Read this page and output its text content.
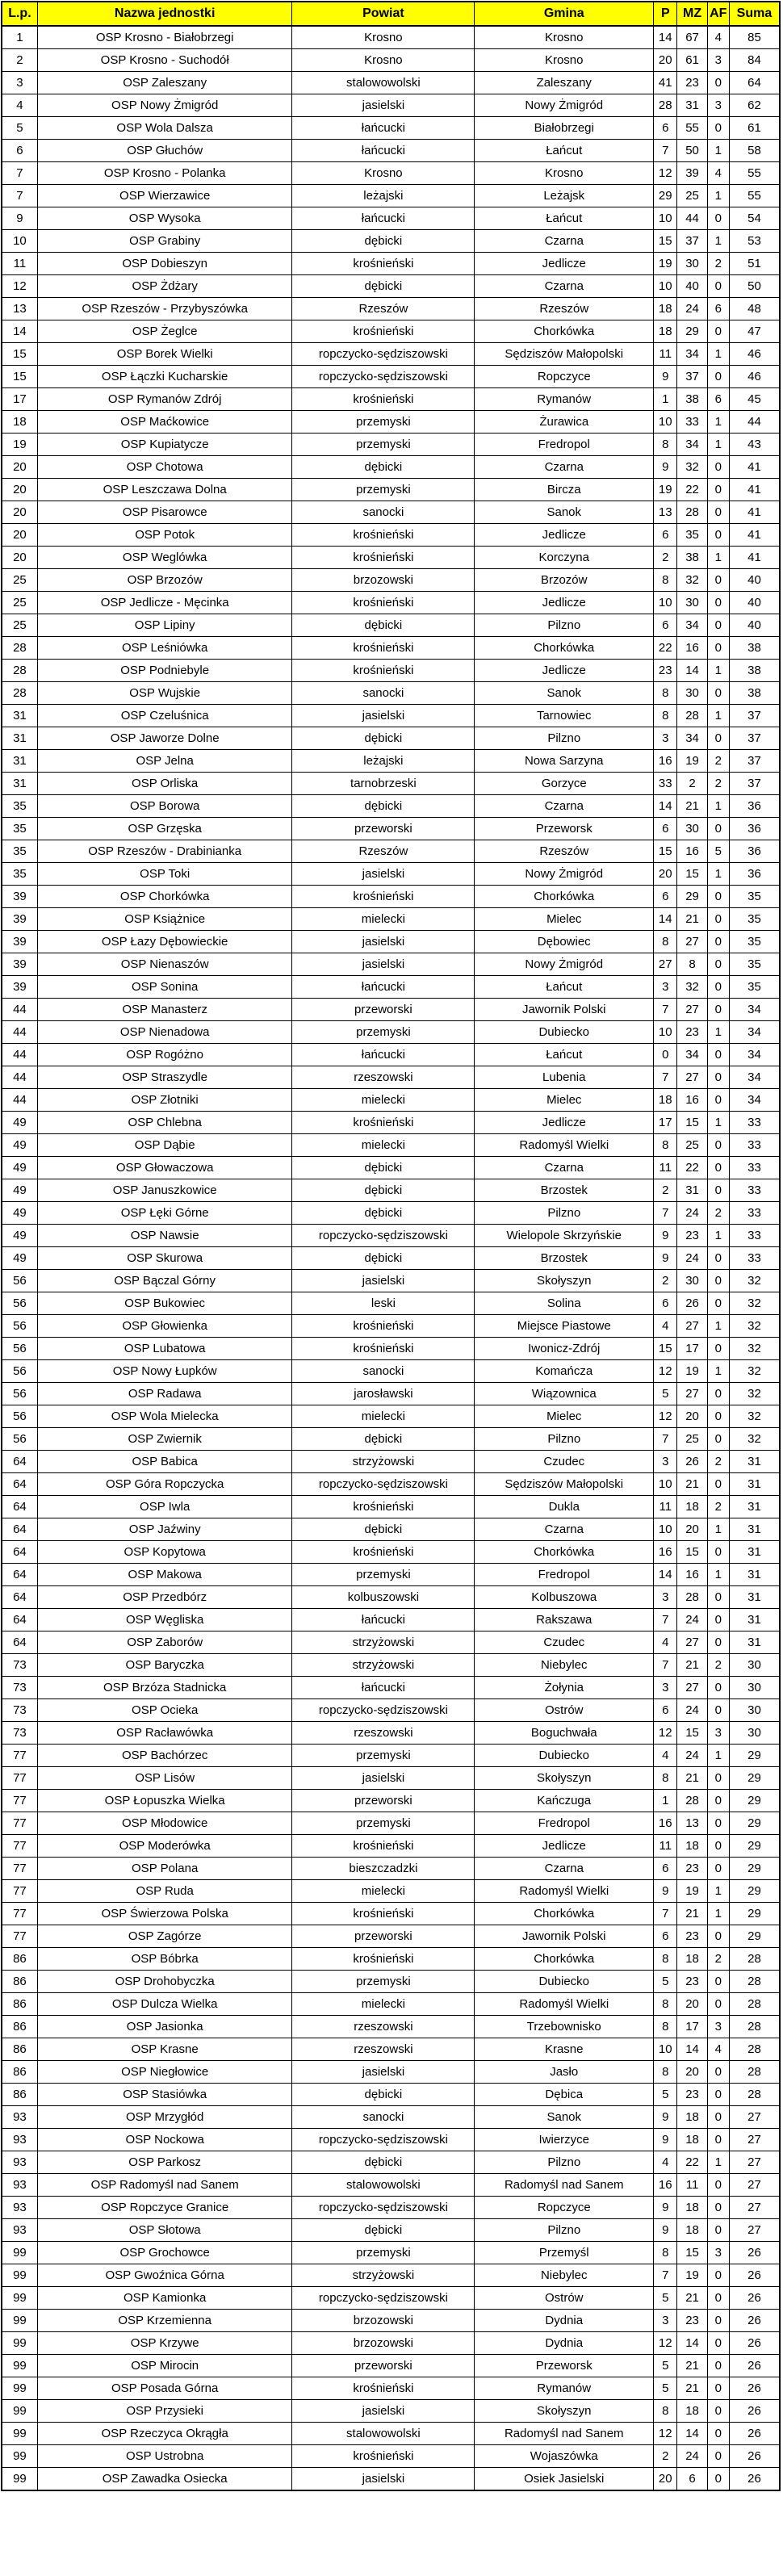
L.p.	Nazwa jednostki	Powiat	Gmina	P	MZ	AF	Suma
1	OSP Krosno - Białobrzegi	Krosno	Krosno	14	67	4	85
2	OSP Krosno - Suchodół	Krosno	Krosno	20	61	3	84
3	OSP Zaleszany	stalowowolski	Zaleszany	41	23	0	64
4	OSP Nowy Żmigród	jasielski	Nowy Żmigród	28	31	3	62
5	OSP Wola Dalsza	łańcucki	Białobrzegi	6	55	0	61
6	OSP Głuchów	łańcucki	Łańcut	7	50	1	58
7	OSP Krosno - Polanka	Krosno	Krosno	12	39	4	55
7	OSP Wierzawice	leżajski	Leżajsk	29	25	1	55
9	OSP Wysoka	łańcucki	Łańcut	10	44	0	54
10	OSP Grabiny	dębicki	Czarna	15	37	1	53
11	OSP Dobieszyn	krośnieński	Jedlicze	19	30	2	51
12	OSP Żdżary	dębicki	Czarna	10	40	0	50
13	OSP Rzeszów - Przybyszówka	Rzeszów	Rzeszów	18	24	6	48
14	OSP Żeglce	krośnieński	Chorkówka	18	29	0	47
15	OSP Borek Wielki	ropczycko-sędziszowski	Sędziszów Małopolski	11	34	1	46
15	OSP Łączki Kucharskie	ropczycko-sędziszowski	Ropczyce	9	37	0	46
17	OSP Rymanów Zdrój	krośnieński	Rymanów	1	38	6	45
18	OSP Maćkowice	przemyski	Żurawica	10	33	1	44
19	OSP Kupiatycze	przemyski	Fredropol	8	34	1	43
20	OSP Chotowa	dębicki	Czarna	9	32	0	41
20	OSP Leszczawa Dolna	przemyski	Bircza	19	22	0	41
20	OSP Pisarowce	sanocki	Sanok	13	28	0	41
20	OSP Potok	krośnieński	Jedlicze	6	35	0	41
20	OSP Weglówka	krośnieński	Korczyna	2	38	1	41
25	OSP Brzozów	brzozowski	Brzozów	8	32	0	40
25	OSP Jedlicze - Męcinka	krośnieński	Jedlicze	10	30	0	40
25	OSP Lipiny	dębicki	Pilzno	6	34	0	40
28	OSP Leśniówka	krośnieński	Chorkówka	22	16	0	38
28	OSP Podniebyle	krośnieński	Jedlicze	23	14	1	38
28	OSP Wujskie	sanocki	Sanok	8	30	0	38
31	OSP Czeluśnica	jasielski	Tarnowiec	8	28	1	37
31	OSP Jaworze Dolne	dębicki	Pilzno	3	34	0	37
31	OSP Jelna	leżajski	Nowa Sarzyna	16	19	2	37
31	OSP Orliska	tarnobrzeski	Gorzyce	33	2	2	37
35	OSP Borowa	dębicki	Czarna	14	21	1	36
35	OSP Grzęska	przeworski	Przeworsk	6	30	0	36
35	OSP Rzeszów - Drabinianka	Rzeszów	Rzeszów	15	16	5	36
35	OSP Toki	jasielski	Nowy Żmigród	20	15	1	36
39	OSP Chorkówka	krośnieński	Chorkówka	6	29	0	35
39	OSP Książnice	mielecki	Mielec	14	21	0	35
39	OSP Łazy Dębowieckie	jasielski	Dębowiec	8	27	0	35
39	OSP Nienaszów	jasielski	Nowy Żmigród	27	8	0	35
39	OSP Sonina	łańcucki	Łańcut	3	32	0	35
44	OSP Manasterz	przeworski	Jawornik Polski	7	27	0	34
44	OSP Nienadowa	przemyski	Dubiecko	10	23	1	34
44	OSP Rogóżno	łańcucki	Łańcut	0	34	0	34
44	OSP Straszydle	rzeszowski	Lubenia	7	27	0	34
44	OSP Złotniki	mielecki	Mielec	18	16	0	34
49	OSP Chlebna	krośnieński	Jedlicze	17	15	1	33
49	OSP Dąbie	mielecki	Radomyśl Wielki	8	25	0	33
49	OSP Głowaczowa	dębicki	Czarna	11	22	0	33
49	OSP Januszkowice	dębicki	Brzostek	2	31	0	33
49	OSP Łęki Górne	dębicki	Pilzno	7	24	2	33
49	OSP Nawsie	ropczycko-sędziszowski	Wielopole Skrzyńskie	9	23	1	33
49	OSP Skurowa	dębicki	Brzostek	9	24	0	33
56	OSP Bączal Górny	jasielski	Skołyszyn	2	30	0	32
56	OSP Bukowiec	leski	Solina	6	26	0	32
56	OSP Głowienka	krośnieński	Miejsce Piastowe	4	27	1	32
56	OSP Lubatowa	krośnieński	Iwonicz-Zdrój	15	17	0	32
56	OSP Nowy Łupków	sanocki	Komańcza	12	19	1	32
56	OSP Radawa	jarosławski	Wiązownica	5	27	0	32
56	OSP Wola Mielecka	mielecki	Mielec	12	20	0	32
56	OSP Zwiernik	dębicki	Pilzno	7	25	0	32
64	OSP Babica	strzyżowski	Czudec	3	26	2	31
64	OSP Góra Ropczycka	ropczycko-sędziszowski	Sędziszów Małopolski	10	21	0	31
64	OSP Iwla	krośnieński	Dukla	11	18	2	31
64	OSP Jaźwiny	dębicki	Czarna	10	20	1	31
64	OSP Kopytowa	krośnieński	Chorkówka	16	15	0	31
64	OSP Makowa	przemyski	Fredropol	14	16	1	31
64	OSP Przedbórz	kolbuszowski	Kolbuszowa	3	28	0	31
64	OSP Węgliska	łańcucki	Rakszawa	7	24	0	31
64	OSP Zaborów	strzyżowski	Czudec	4	27	0	31
73	OSP Baryczka	strzyżowski	Niebylec	7	21	2	30
73	OSP Brzóza Stadnicka	łańcucki	Żołynia	3	27	0	30
73	OSP Ocieka	ropczycko-sędziszowski	Ostrów	6	24	0	30
73	OSP Racławówka	rzeszowski	Boguchwała	12	15	3	30
77	OSP Bachórzec	przemyski	Dubiecko	4	24	1	29
77	OSP Lisów	jasielski	Skołyszyn	8	21	0	29
77	OSP Łopuszka Wielka	przeworski	Kańczuga	1	28	0	29
77	OSP Młodowice	przemyski	Fredropol	16	13	0	29
77	OSP Moderówka	krośnieński	Jedlicze	11	18	0	29
77	OSP Polana	bieszczadzki	Czarna	6	23	0	29
77	OSP Ruda	mielecki	Radomyśl Wielki	9	19	1	29
77	OSP Świerzowa Polska	krośnieński	Chorkówka	7	21	1	29
77	OSP Zagórze	przeworski	Jawornik Polski	6	23	0	29
86	OSP Bóbrka	krośnieński	Chorkówka	8	18	2	28
86	OSP Drohobyczka	przemyski	Dubiecko	5	23	0	28
86	OSP Dulcza Wielka	mielecki	Radomyśl Wielki	8	20	0	28
86	OSP Jasionka	rzeszowski	Trzebownisko	8	17	3	28
86	OSP Krasne	rzeszowski	Krasne	10	14	4	28
86	OSP Niegłowice	jasielski	Jasło	8	20	0	28
86	OSP Stasiówka	dębicki	Dębica	5	23	0	28
93	OSP Mrzygłód	sanocki	Sanok	9	18	0	27
93	OSP Nockowa	ropczycko-sędziszowski	Iwierzyce	9	18	0	27
93	OSP Parkosz	dębicki	Pilzno	4	22	1	27
93	OSP Radomyśl nad Sanem	stalowowolski	Radomyśl nad Sanem	16	11	0	27
93	OSP Ropczyce Granice	ropczycko-sędziszowski	Ropczyce	9	18	0	27
93	OSP Słotowa	dębicki	Pilzno	9	18	0	27
99	OSP Grochowce	przemyski	Przemyśl	8	15	3	26
99	OSP Gwoźnica Górna	strzyżowski	Niebylec	7	19	0	26
99	OSP Kamionka	ropczycko-sędziszowski	Ostrów	5	21	0	26
99	OSP Krzemienna	brzozowski	Dydnia	3	23	0	26
99	OSP Krzywe	brzozowski	Dydnia	12	14	0	26
99	OSP Mirocin	przeworski	Przeworsk	5	21	0	26
99	OSP Posada Górna	krośnieński	Rymanów	5	21	0	26
99	OSP Przysieki	jasielski	Skołyszyn	8	18	0	26
99	OSP Rzeczyca Okrągła	stalowowolski	Radomyśl nad Sanem	12	14	0	26
99	OSP Ustrobna	krośnieński	Wojaszówka	2	24	0	26
99	OSP Zawadka Osiecka	jasielski	Osiek Jasielski	20	6	0	26
